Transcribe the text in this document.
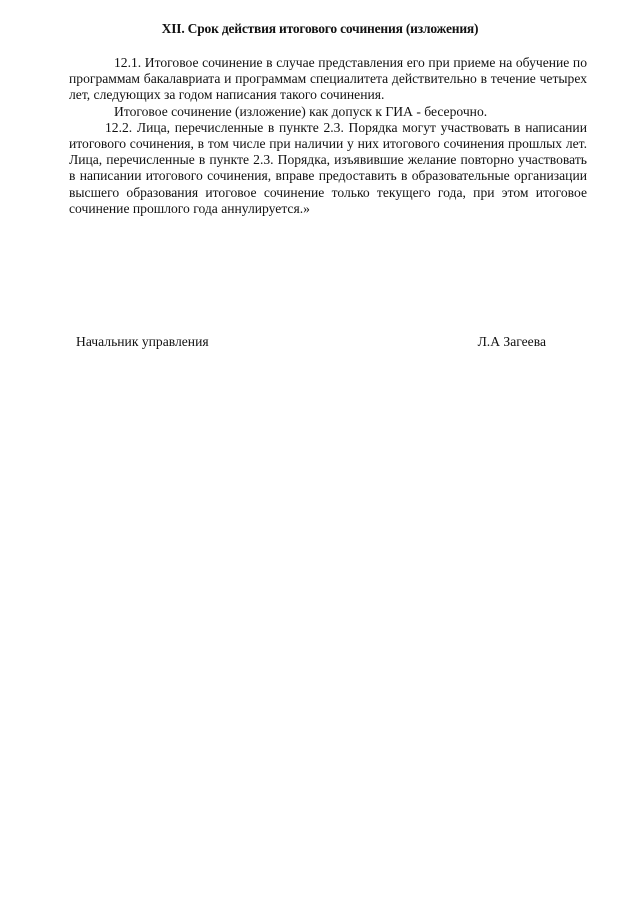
XII. Срок действия итогового сочинения (изложения)

12.1. Итоговое сочинение в случае представления его при приеме на обучение по программам бакалавриата и программам специалитета действительно в течение четырех лет, следующих за годом написания такого сочинения.

Итоговое сочинение (изложение) как допуск к ГИА - бесерочно.

12.2. Лица, перечисленные в пункте 2.3. Порядка могут участвовать в написании итогового сочинения, в том числе при наличии у них итогового сочинения прошлых лет. Лица, перечисленные в пункте 2.3. Порядка, изъявившие желание повторно участвовать в написании итогового сочинения, вправе предоставить в образовательные организации высшего образования итоговое сочинение только текущего года, при этом итоговое сочинение прошлого года аннулируется.»

Начальник управления	Л.А Загеева
